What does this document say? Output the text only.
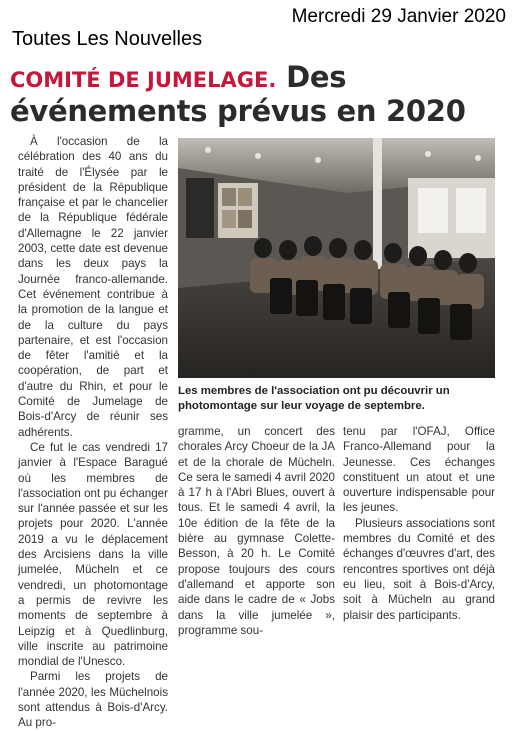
Mercredi 29 Janvier 2020
Toutes Les Nouvelles
COMITÉ DE JUMELAGE. Des événements prévus en 2020

À l'occasion de la célébration des 40 ans du traité de l'Élysée par le président de la République française et par le chancelier de la République fédérale d'Allemagne le 22 janvier 2003, cette date est devenue dans les deux pays la Journée franco-allemande. Cet événement contribue à la promotion de la langue et de la culture du pays partenaire, et est l'occasion de fêter l'amitié et la coopération, de part et d'autre du Rhin, et pour le Comité de Jumelage de Bois-d'Arcy de réunir ses adhérents.

Ce fut le cas vendredi 17 janvier à l'Espace Baragué où les membres de l'association ont pu échanger sur l'année passée et sur les projets pour 2020. L'année 2019 a vu le déplacement des Arcisiens dans la ville jumelée, Mücheln et ce vendredi, un photomontage a permis de revivre les moments de septembre à Leipzig et à Quedlinburg, ville inscrite au patrimoine mondial de l'Unesco.

Parmi les projets de l'année 2020, les Müchelnois sont attendus à Bois-d'Arcy. Au pro-

Les membres de l'association ont pu découvrir un photomontage sur leur voyage de septembre.

gramme, un concert des chorales Arcy Choeur de la JA et de la chorale de Mücheln. Ce sera le samedi 4 avril 2020 à 17 h à l'Abri Blues, ouvert à tous. Et le samedi 4 avril, la 10e édition de la fête de la bière au gymnase Colette-Besson, à 20 h. Le Comité propose toujours des cours d'allemand et apporte son aide dans le cadre de « Jobs dans la ville jumelée », programme sou-

tenu par l'OFAJ, Office Franco-Allemand pour la Jeunesse. Ces échanges constituent un atout et une ouverture indispensable pour les jeunes.

Plusieurs associations sont membres du Comité et des échanges d'œuvres d'art, des rencontres sportives ont déjà eu lieu, soit à Bois-d'Arcy, soit à Mücheln au grand plaisir des participants.
